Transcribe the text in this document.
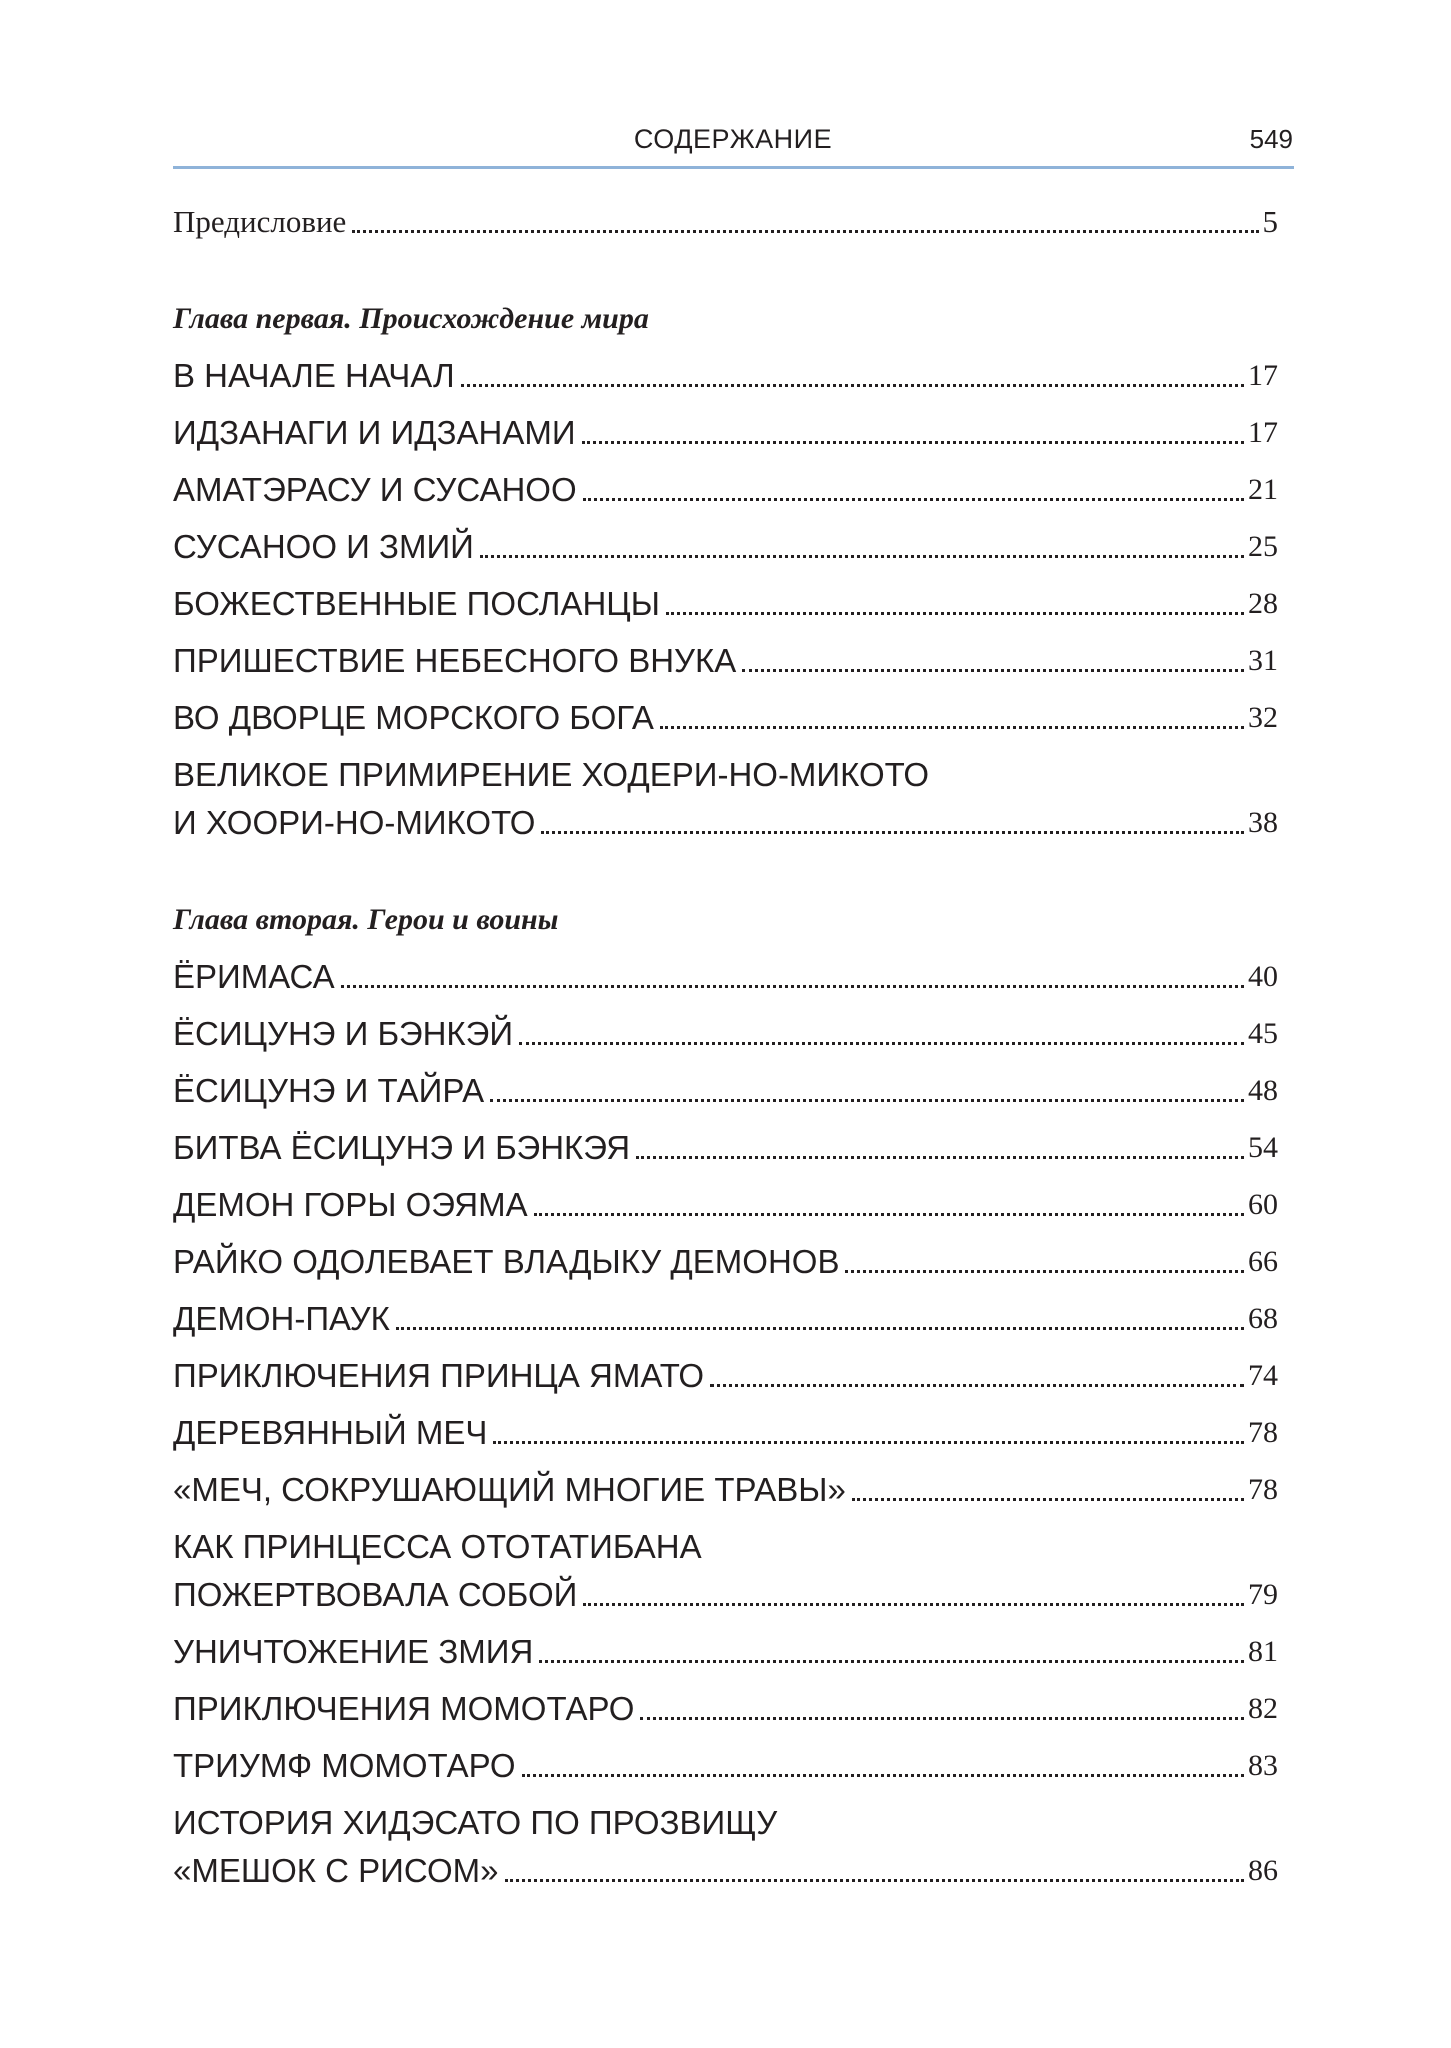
СОДЕРЖАНИЕ	549
Предисловие	5
Глава первая. Происхождение мира
В НАЧАЛЕ НАЧАЛ	17
ИДЗАНАГИ И ИДЗАНАМИ	17
АМАТЭРАСУ И СУСАНОО	21
СУСАНОО И ЗМИЙ	25
БОЖЕСТВЕННЫЕ ПОСЛАНЦЫ	28
ПРИШЕСТВИЕ НЕБЕСНОГО ВНУКА	31
ВО ДВОРЦЕ МОРСКОГО БОГА	32
ВЕЛИКОЕ ПРИМИРЕНИЕ ХОДЕРИ-НО-МИКОТО
И ХООРИ-НО-МИКОТО	38
Глава вторая. Герои и воины
ЁРИМАСА	40
ЁСИЦУНЭ И БЭНКЭЙ	45
ЁСИЦУНЭ И ТАЙРА	48
БИТВА ЁСИЦУНЭ И БЭНКЭЯ	54
ДЕМОН ГОРЫ ОЭЯМА	60
РАЙКО ОДОЛЕВАЕТ ВЛАДЫКУ ДЕМОНОВ	66
ДЕМОН-ПАУК	68
ПРИКЛЮЧЕНИЯ ПРИНЦА ЯМАТО	74
ДЕРЕВЯННЫЙ МЕЧ	78
«МЕЧ, СОКРУШАЮЩИЙ МНОГИЕ ТРАВЫ»	78
КАК ПРИНЦЕССА ОТОТАТИБАНА
ПОЖЕРТВОВАЛА СОБОЙ	79
УНИЧТОЖЕНИЕ ЗМИЯ	81
ПРИКЛЮЧЕНИЯ МОМОТАРО	82
ТРИУМФ МОМОТАРО	83
ИСТОРИЯ ХИДЭСАТО ПО ПРОЗВИЩУ
«МЕШОК С РИСОМ»	86
